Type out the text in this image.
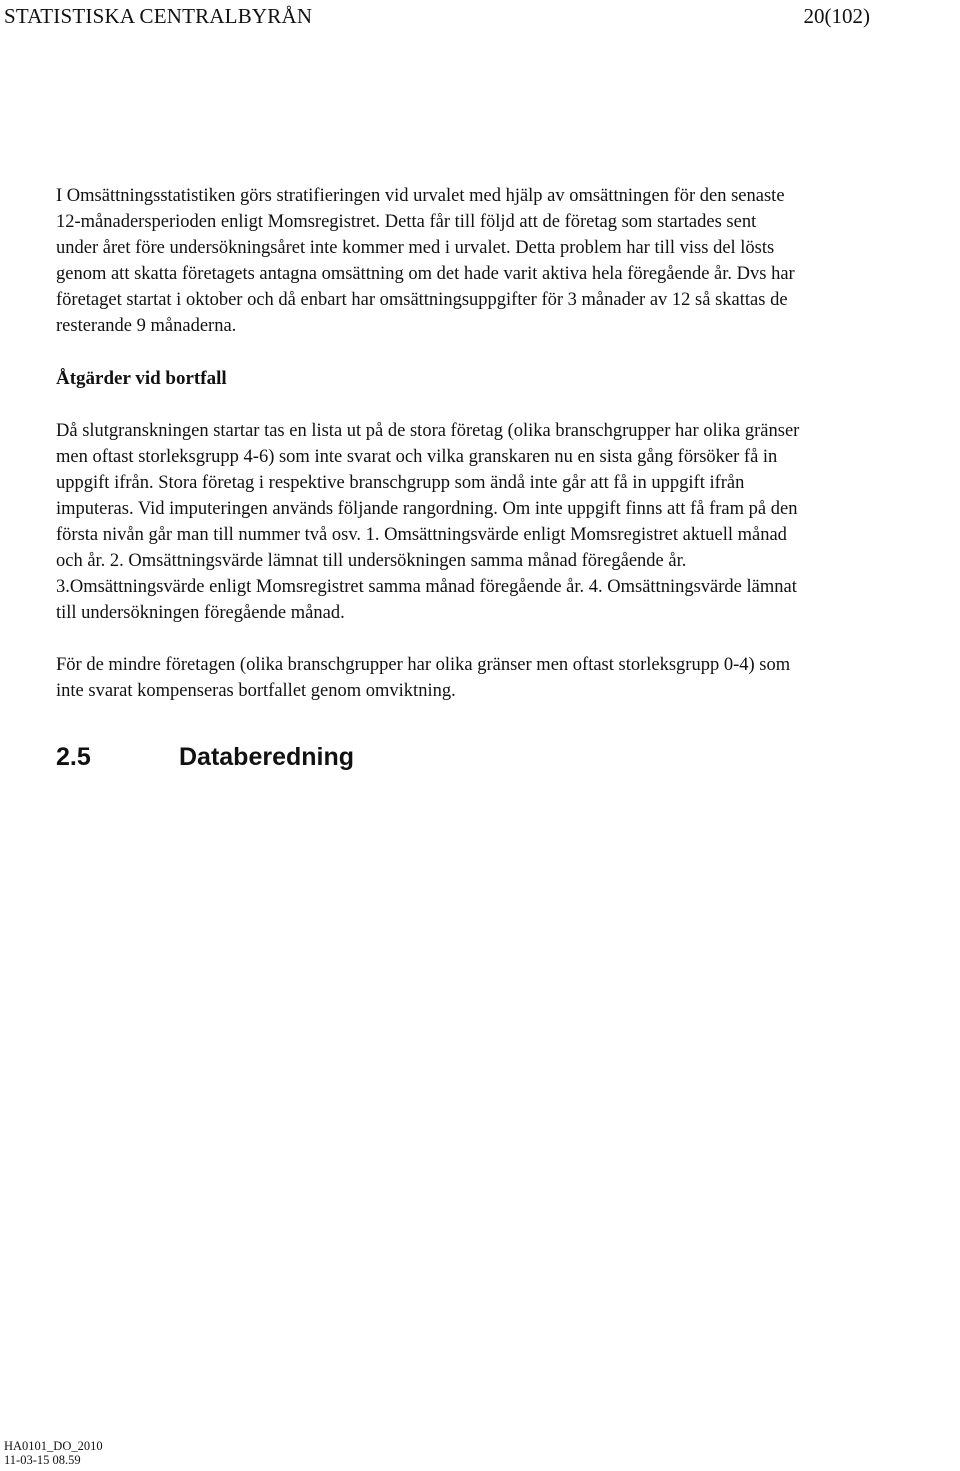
STATISTISKA CENTRALBYRÅN	20(102)

I Omsättningsstatistiken görs stratifieringen vid urvalet med hjälp av omsättningen för den senaste
12-månadersperioden enligt Momsregistret. Detta får till följd att de företag som startades sent
under året före undersökningsåret inte kommer med i urvalet. Detta problem har till viss del lösts
genom att skatta företagets antagna omsättning om det hade varit aktiva hela föregående år. Dvs har
företaget startat i oktober och då enbart har omsättningsuppgifter för 3 månader av 12 så skattas de
resterande 9 månaderna.

Åtgärder vid bortfall

Då slutgranskningen startar tas en lista ut på de stora företag (olika branschgrupper har olika gränser
men oftast storleksgrupp 4-6) som inte svarat och vilka granskaren nu en sista gång försöker få in
uppgift ifrån. Stora företag i respektive branschgrupp som ändå inte går att få in uppgift ifrån
imputeras. Vid imputeringen används följande rangordning. Om inte uppgift finns att få fram på den
första nivån går man till nummer två osv. 1. Omsättningsvärde enligt Momsregistret aktuell månad
och år. 2. Omsättningsvärde lämnat till undersökningen samma månad föregående år.
3.Omsättningsvärde enligt Momsregistret samma månad föregående år. 4. Omsättningsvärde lämnat
till undersökningen föregående månad.

För de mindre företagen (olika branschgrupper har olika gränser men oftast storleksgrupp 0-4) som
inte svarat kompenseras bortfallet genom omviktning.

2.5	Databeredning
HA0101_DO_2010
11-03-15 08.59
